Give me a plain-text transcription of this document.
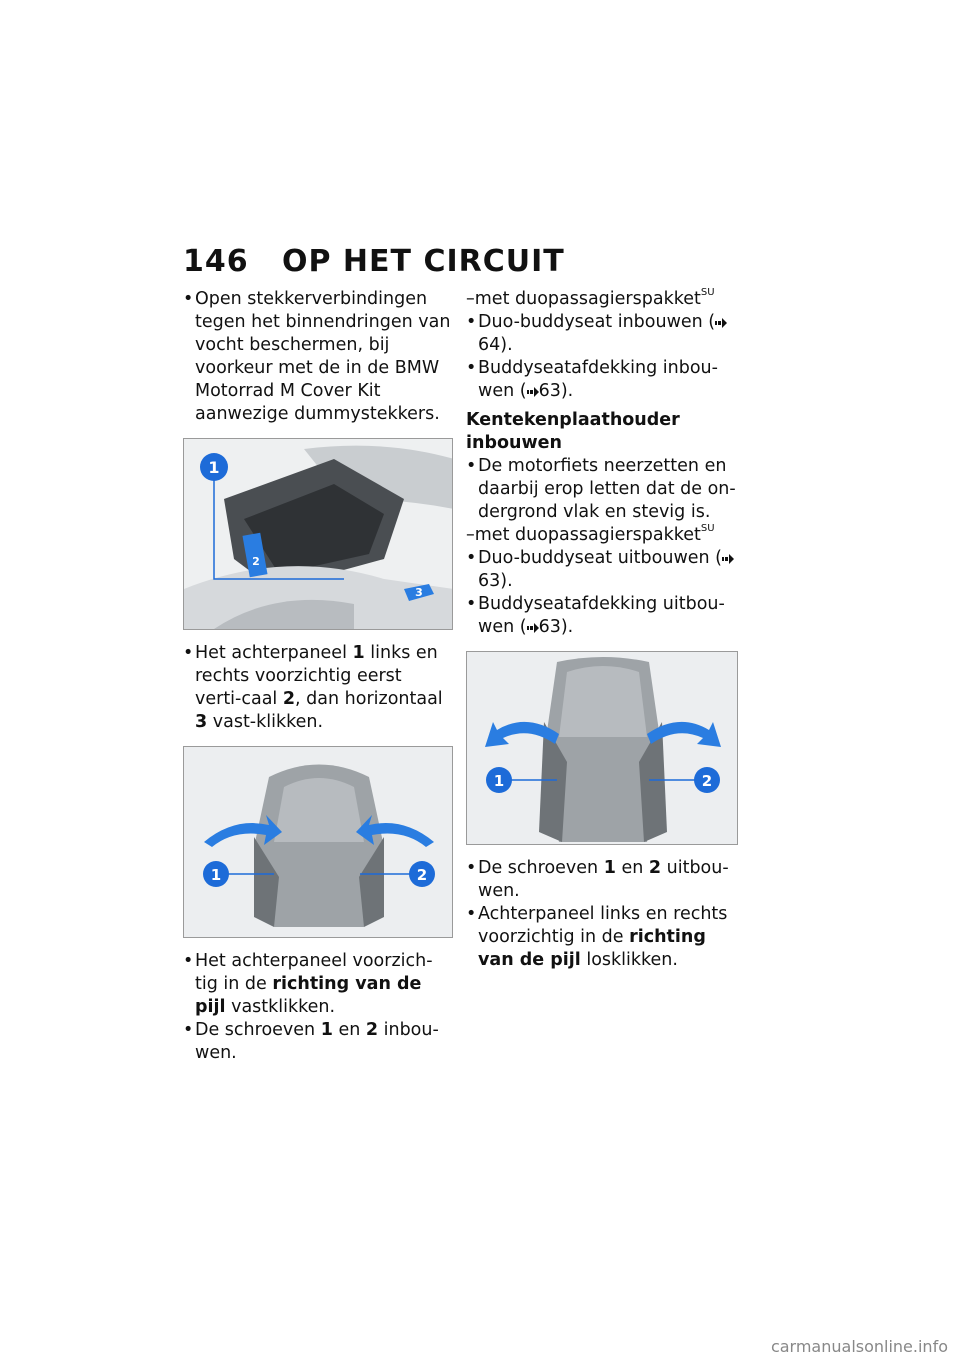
146 OP HET CIRCUIT

• Open stekkerverbindingen tegen het binnendringen van vocht beschermen, bij voorkeur met de in de BMW Motorrad M Cover Kit aanwezige dummystekkers.

1
2
3

• Het achterpaneel 1 links en rechts voorzichtig eerst verti-caal 2, dan horizontaal 3 vast-klikken.

1	2

• Het achterpaneel voorzich-tig in de richting van de pijl vastklikken.

• De schroeven 1 en 2 inbou-wen.

–met duopassagierspakket$^{SU}$

• Duo-buddyseat inbouwen (64).

• Buddyseatafdekking inbou-wen ( 63).

Kentekenplaathouder inbouwen

• De motorfiets neerzetten en daarbij erop letten dat de on-dergrond vlak en stevig is.

–met duopassagierspakket$^{SU}$

• Duo-buddyseat uitbouwen (63).

• Buddyseatafdekking uitbou-wen ( 63).

1	2

• De schroeven 1 en 2 uitbou-wen.

• Achterpaneel links en rechts voorzichtig in de richting van de pijl losklikken.

carmanualsonline.info
